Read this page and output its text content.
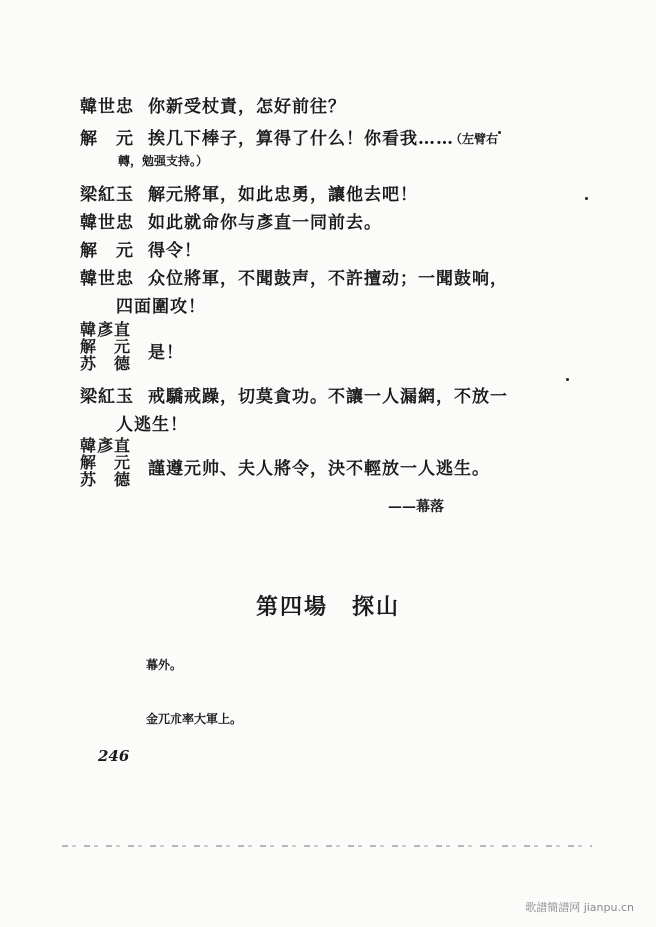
韓世忠 你新受杖責，怎好前往？
解　元 挨几下棒子，算得了什么！你看我……
（左臂右
轉，勉强支持。）
梁紅玉 解元將軍，如此忠勇，讓他去吧！
韓世忠 如此就命你与彥直一同前去。
解　元 得令！
韓世忠 众位將軍，不聞鼓声，不許擅动；一聞鼓响，
四面圍攻！
韓彥直
解　元
苏　德
是！
梁紅玉 戒驕戒躁，切莫貪功。不讓一人漏網，不放一
人逃生！
韓彥直
解　元
苏　德
謹遵元帅、夫人將令，決不輕放一人逃生。
——幕落
第四場　探山
幕外。
金兀朮率大軍上。
246
歌譜簡譜网 jianpu.cn
